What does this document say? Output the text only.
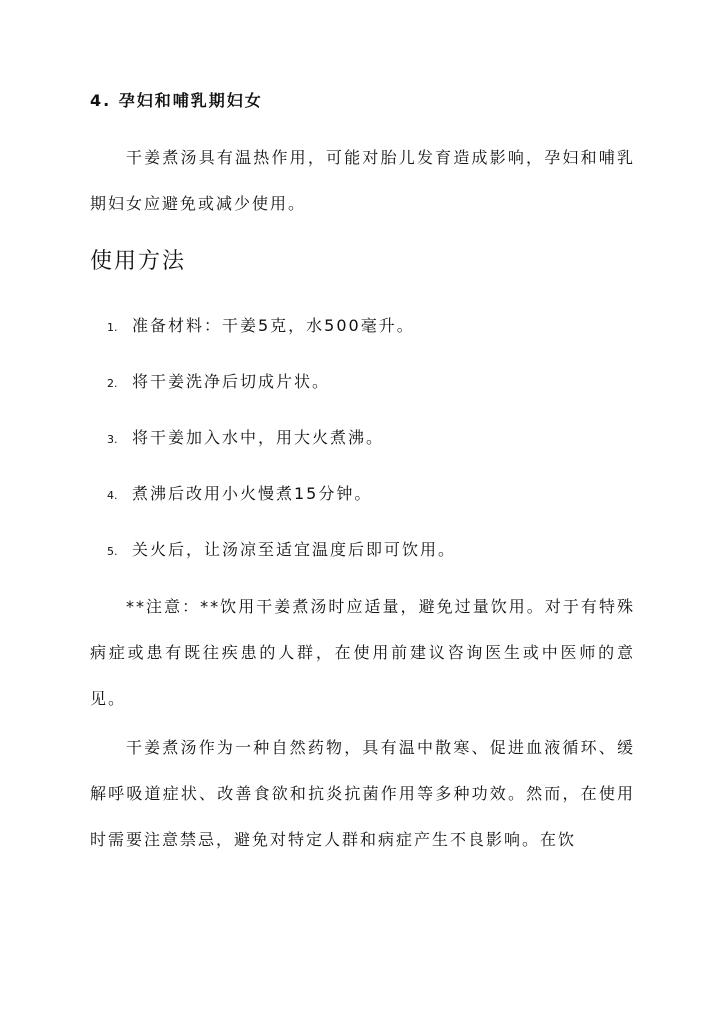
4. 孕妇和哺乳期妇女

干姜煮汤具有温热作用，可能对胎儿发育造成影响，孕妇和哺乳期妇女应避免或减少使用。

使用方法
1. 准备材料：干姜5克，水500毫升。
2. 将干姜洗净后切成片状。
3. 将干姜加入水中，用大火煮沸。
4. 煮沸后改用小火慢煮15分钟。
5. 关火后，让汤凉至适宜温度后即可饮用。

**注意：**饮用干姜煮汤时应适量，避免过量饮用。对于有特殊病症或患有既往疾患的人群，在使用前建议咨询医生或中医师的意见。

干姜煮汤作为一种自然药物，具有温中散寒、促进血液循环、缓解呼吸道症状、改善食欲和抗炎抗菌作用等多种功效。然而，在使用时需要注意禁忌，避免对特定人群和病症产生不良影响。在饮
